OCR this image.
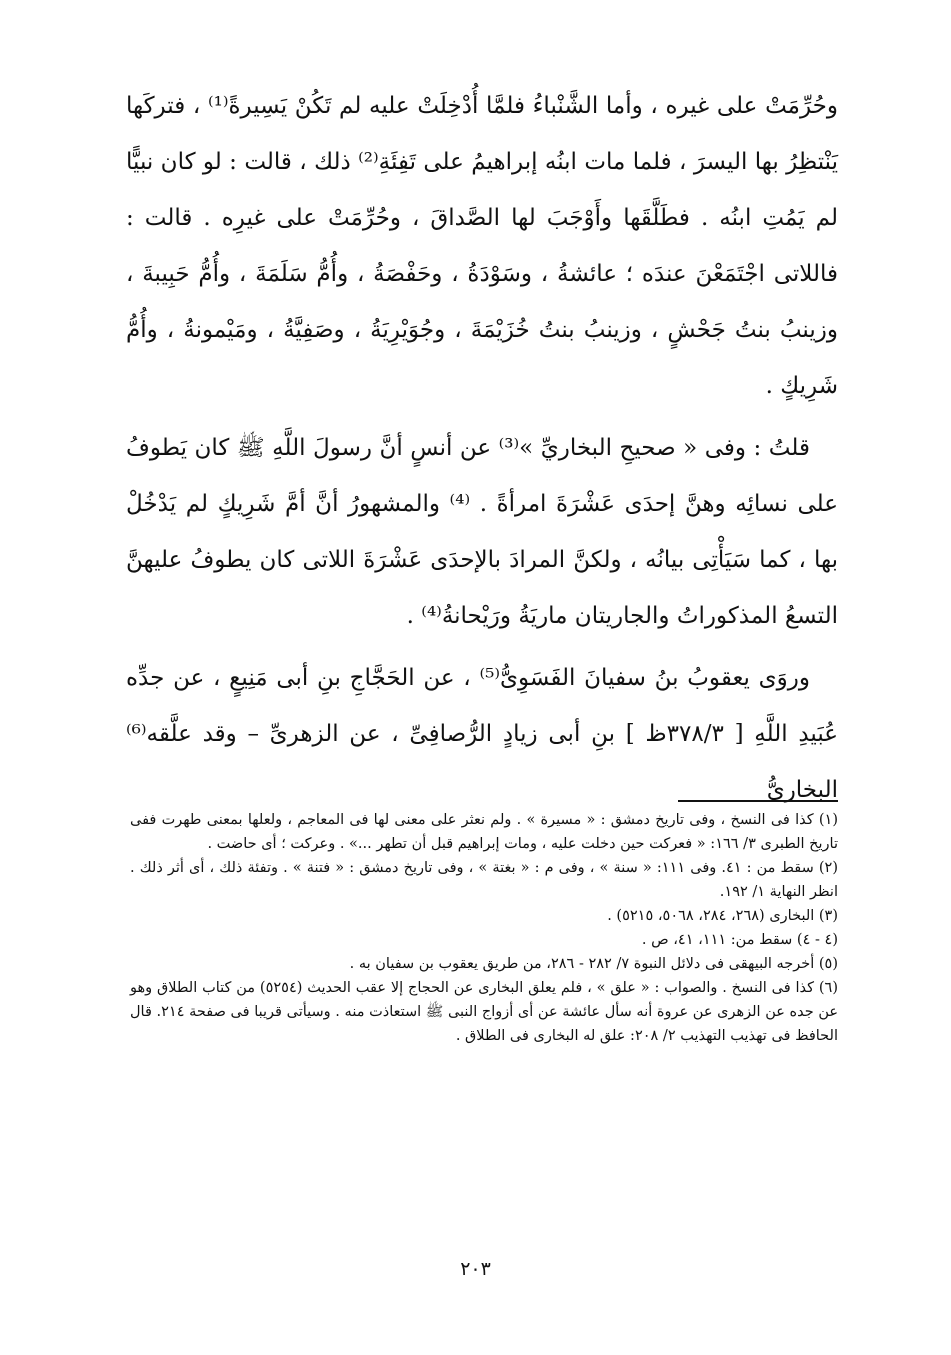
وحُرِّمَتْ على غيره ، وأما الشَّنْباءُ فلمَّا أُدْخِلَتْ عليه لم تَكُنْ يَسِيرةً⁽¹⁾ ، فتركَها يَنْتظِرُ بها اليسرَ ، فلما مات ابنُه إبراهيمُ على تَفِئَةِ⁽²⁾ ذلك ، قالت : لو كان نبيًّا لم يَمُتِ ابنُه . فطَلَّقَها وأَوْجَبَ لها الصَّداقَ ، وحُرِّمَتْ على غيرِه . قالت : فاللاتى اجْتَمَعْنَ عندَه ؛ عائشةُ ، وسَوْدَةُ ، وحَفْصَةُ ، وأُمُّ سَلَمَةَ ، وأُمُّ حَبِيبةَ ، وزينبُ بنتُ جَحْشٍ ، وزينبُ بنتُ خُزَيْمَةَ ، وجُوَيْرِيَةُ ، وصَفِيَّةُ ، ومَيْمونةُ ، وأُمُّ شَرِيكٍ .

قلتُ : وفى « صحيحِ البخاريِّ »⁽³⁾ عن أنسٍ أنَّ رسولَ اللَّهِ ﷺ كان يَطوفُ على نسائِه وهنَّ إحدَى عَشْرَةَ امرأةً . ⁽⁴⁾ والمشهورُ أنَّ أمَّ شَرِيكٍ لم يَدْخُلْ بها ، كما سَيَأْتِى بيانُه ، ولكنَّ المرادَ بالإحدَى عَشْرَةَ اللاتى كان يطوفُ عليهنَّ التسعُ المذكوراتُ والجاريتان ماريَةُ ورَيْحانةُ⁽⁴⁾ .

وروَى يعقوبُ بنُ سفيانَ الفَسَوِىُّ⁽⁵⁾ ، عن الحَجَّاجِ بنِ أبى مَنِيعٍ ، عن جدِّه عُبَيدِ اللَّهِ [ ٣٧٨/٣ظ ] بنِ أبى زيادٍ الرُّصافِىِّ ، عن الزهرىِّ – وقد علَّقه⁽⁶⁾ البخارىُّ

(١) كذا فى النسخ ، وفى تاريخ دمشق : « مسيرة » . ولم نعثر على معنى لها فى المعاجم ، ولعلها بمعنى طهرت ففى تاريخ الطبرى ٣/ ١٦٦: « فعركت حين دخلت عليه ، ومات إبراهيم قبل أن تطهر ...» . وعركت ؛ أى حاضت .

(٢) سقط من : ٤١. وفى ١١١: « سنة » ، وفى م : « بغتة » ، وفى تاريخ دمشق : « فتنة » . وتفئة ذلك ، أى أثر ذلك . انظر النهاية ١/ ١٩٢.

(٣) البخارى (٢٦٨، ٢٨٤، ٥٠٦٨، ٥٢١٥) .

(٤ - ٤) سقط من: ١١١، ٤١، ص .

(٥) أخرجه البيهقى فى دلائل النبوة ٧/ ٢٨٢ - ٢٨٦، من طريق يعقوب بن سفيان به .

(٦) كذا فى النسخ . والصواب : « علق » ، فلم يعلق البخارى عن الحجاج إلا عقب الحديث (٥٢٥٤) من كتاب الطلاق وهو عن جده عن الزهرى عن عروة أنه سأل عائشة عن أى أزواج النبى ﷺ استعاذت منه . وسيأتى قريبا فى صفحة ٢١٤. قال الحافظ فى تهذيب التهذيب ٢/ ٢٠٨: علق له البخارى فى الطلاق .

٢٠٣
